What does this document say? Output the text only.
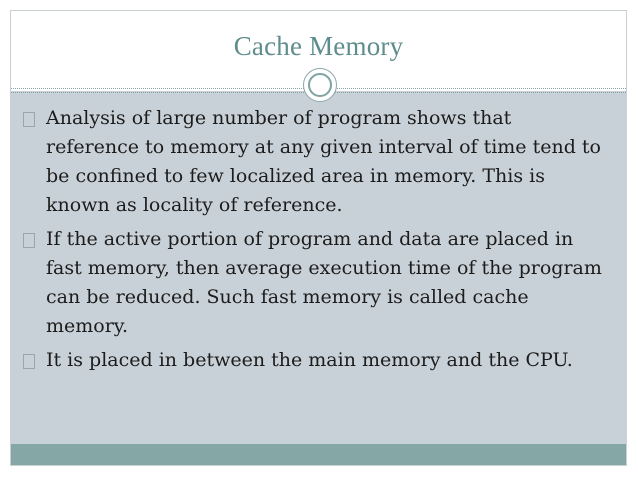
Cache Memory
Analysis of large number of program shows that reference to memory at any given interval of time tend to be confined to few localized area in memory. This is known as locality of reference.
If the active portion of program and data are placed in fast memory, then average execution time of the program can be reduced. Such fast memory is called cache memory.
It is placed in between the main memory and the CPU.
